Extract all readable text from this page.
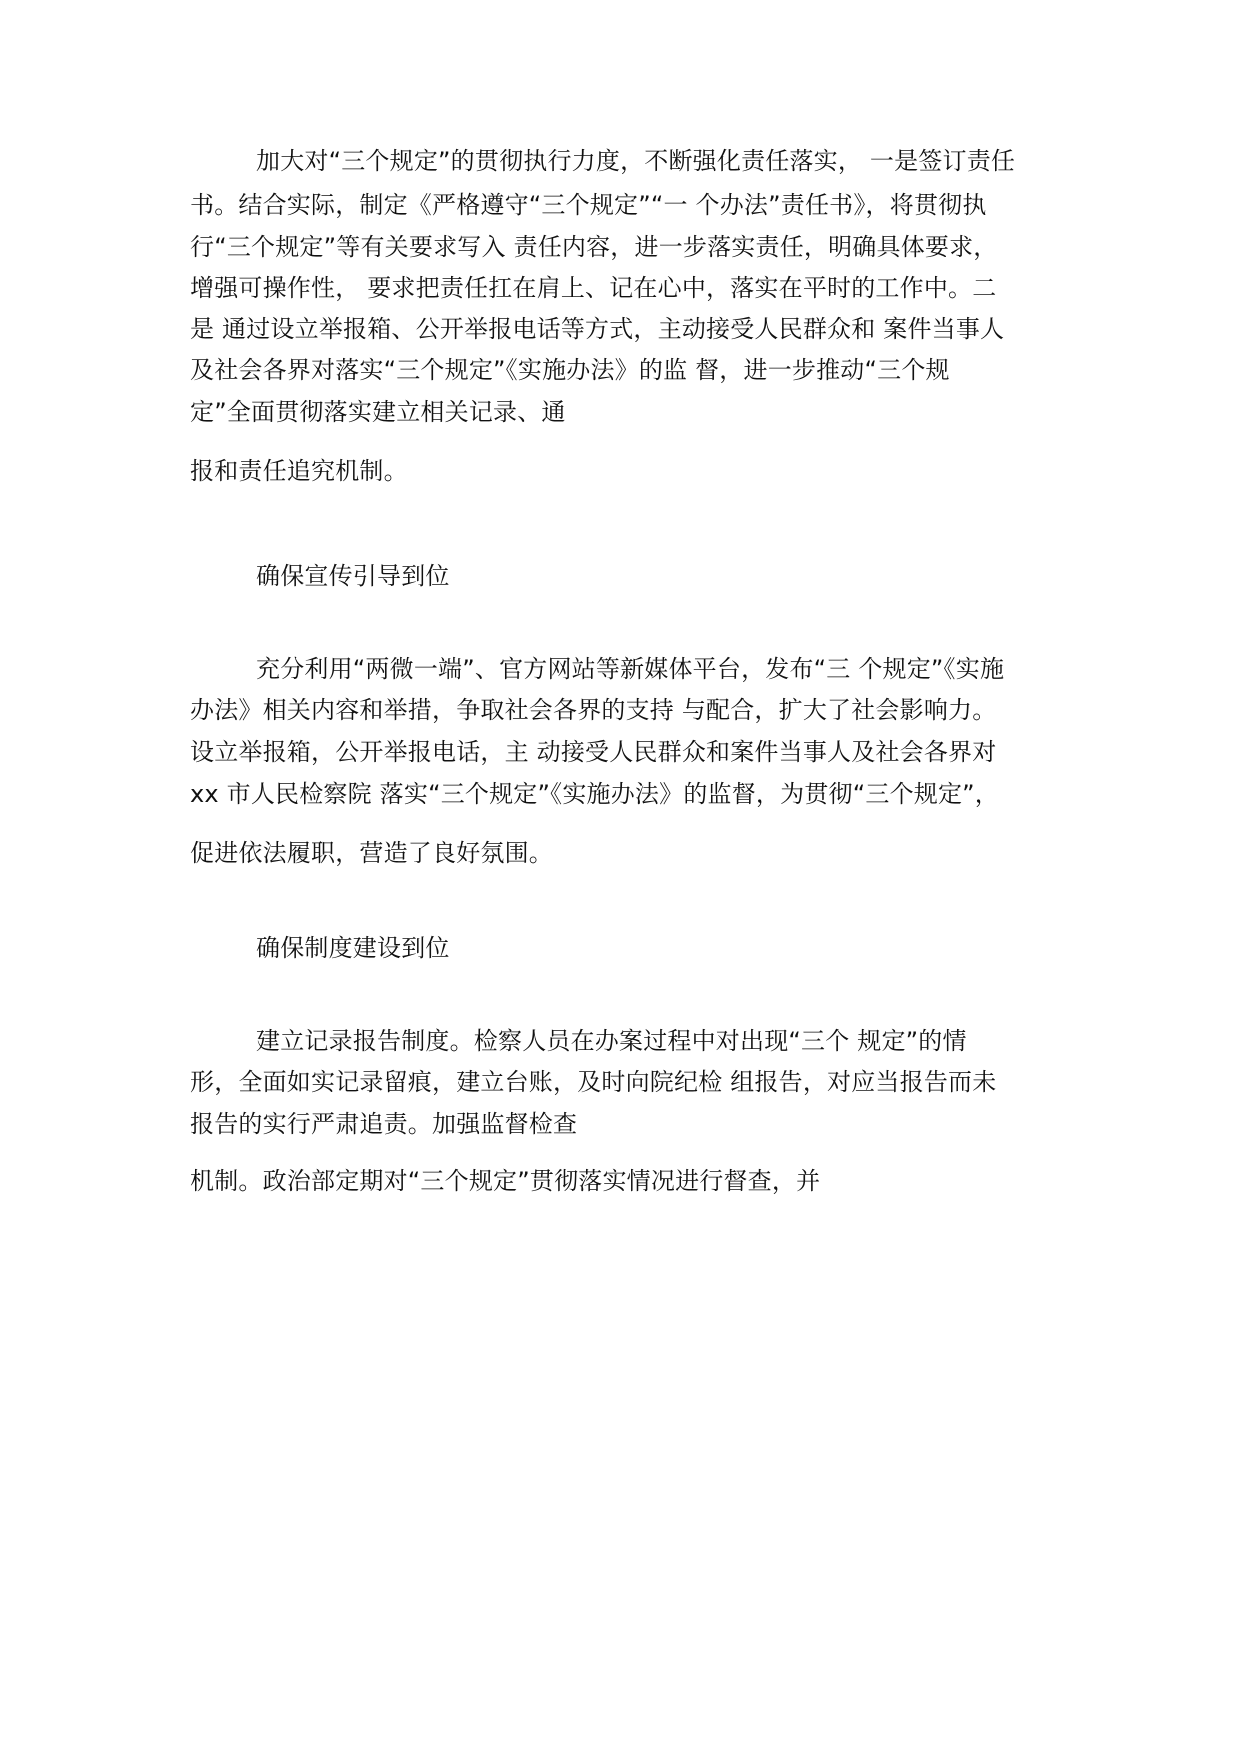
加大对“三个规定”的贯彻执行力度，不断强化责任落实， 一是签订责任
书。结合实际，制定《严格遵守“三个规定”“一 个办法”责任书》，将贯彻执
行“三个规定”等有关要求写入 责任内容，进一步落实责任，明确具体要求，
增强可操作性， 要求把责任扛在肩上、记在心中，落实在平时的工作中。二
是 通过设立举报箱、公开举报电话等方式，主动接受人民群众和 案件当事人
及社会各界对落实“三个规定”《实施办法》的监 督，进一步推动“三个规
定”全面贯彻落实建立相关记录、通
报和责任追究机制。
确保宣传引导到位
充分利用“两微一端”、官方网站等新媒体平台，发布“三 个规定”《实施
办法》相关内容和举措，争取社会各界的支持 与配合，扩大了社会影响力。
设立举报箱，公开举报电话，主 动接受人民群众和案件当事人及社会各界对
xx 市人民检察院 落实“三个规定”《实施办法》的监督，为贯彻“三个规定”，
促进依法履职，营造了良好氛围。
确保制度建设到位
建立记录报告制度。检察人员在办案过程中对出现“三个 规定”的情
形，全面如实记录留痕，建立台账，及时向院纪检 组报告，对应当报告而未
报告的实行严肃追责。加强监督检查
机制。政治部定期对“三个规定”贯彻落实情况进行督查，并
